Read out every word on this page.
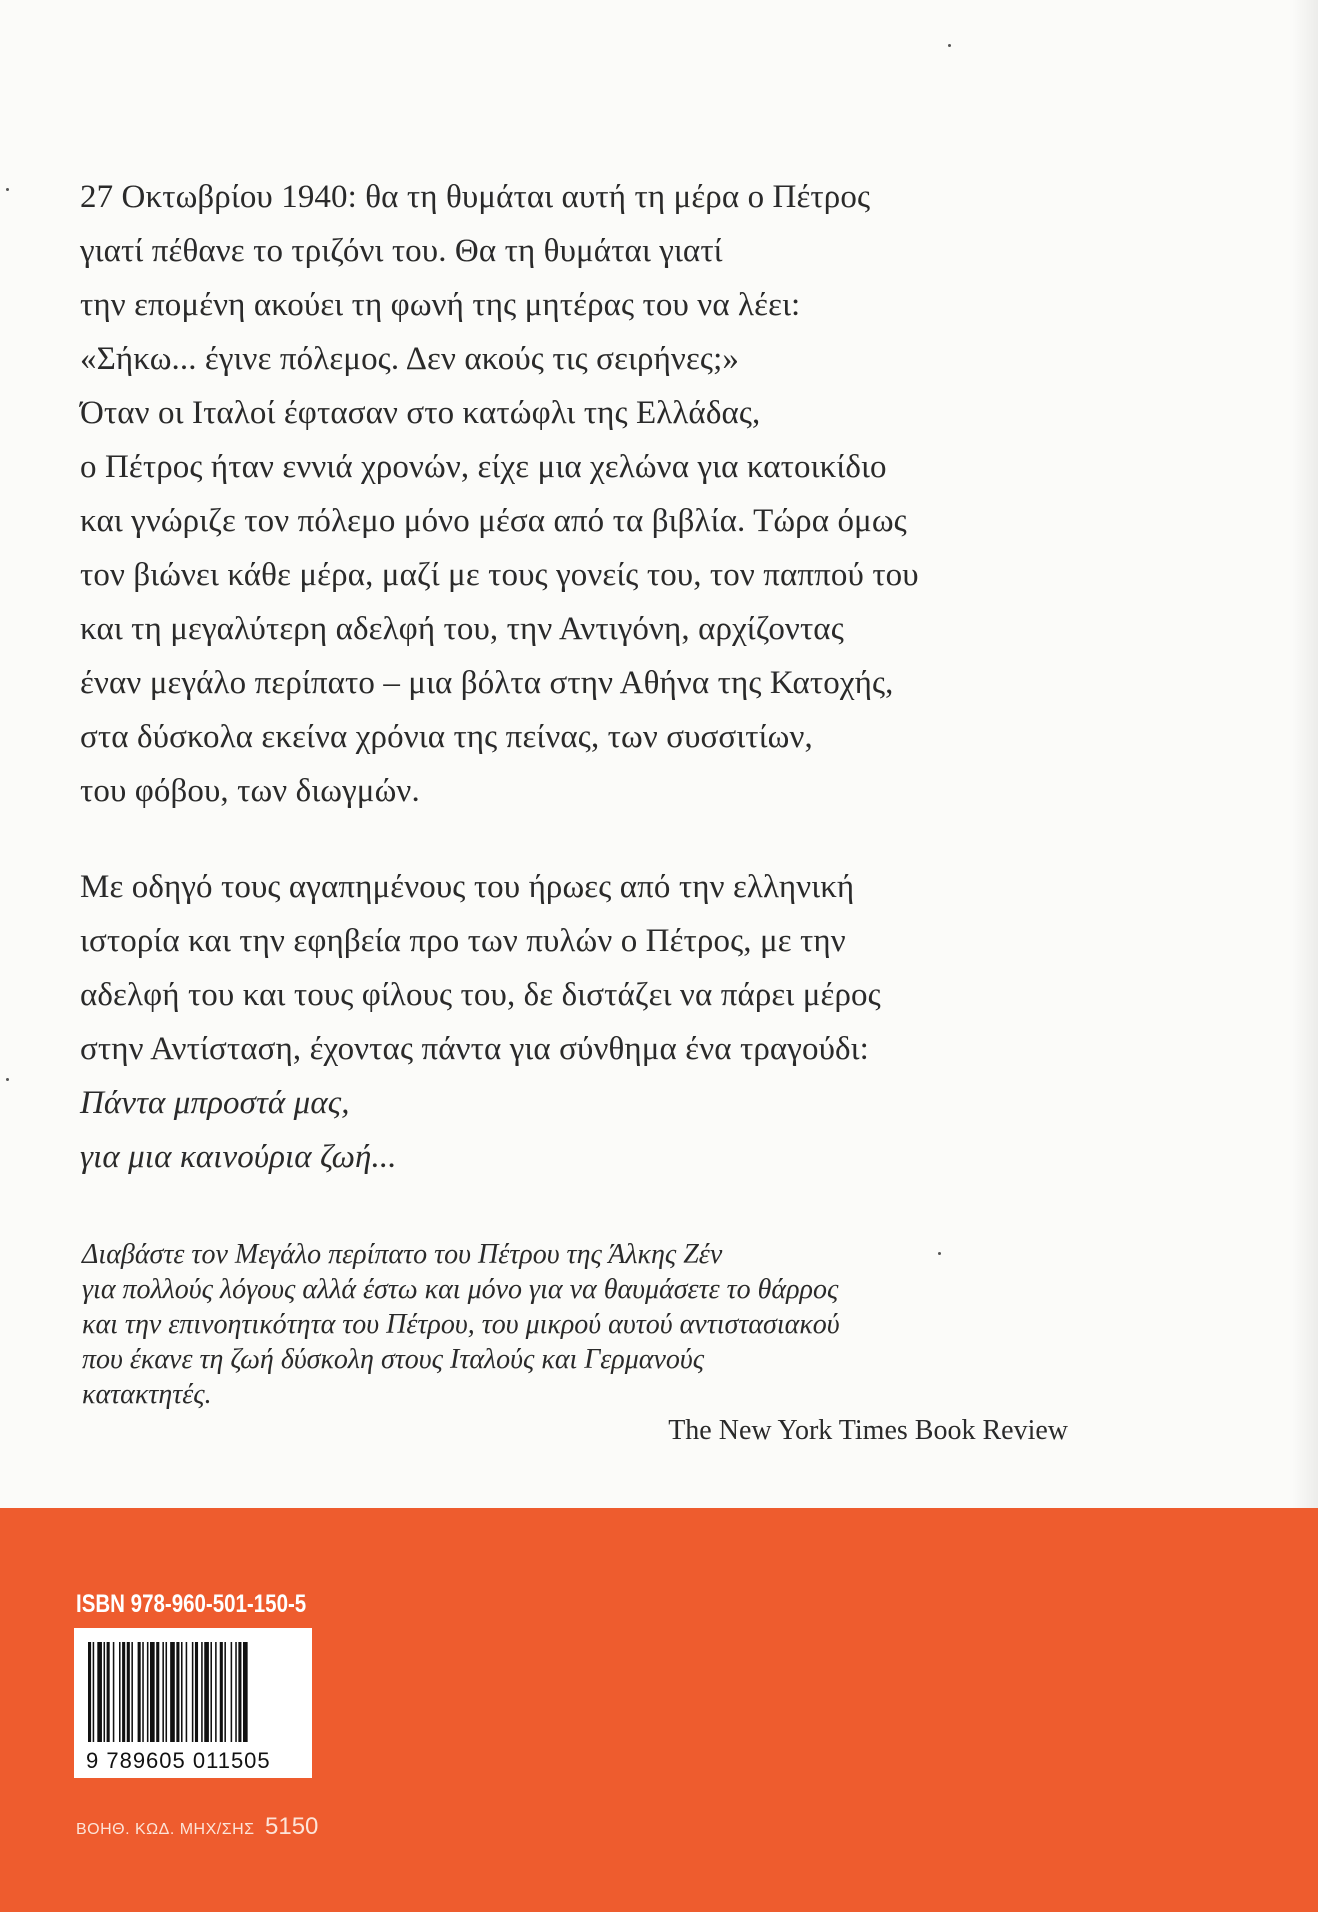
27 Οκτωβρίου 1940: θα τη θυμάται αυτή τη μέρα ο Πέτρος
γιατί πέθανε το τριζόνι του. Θα τη θυμάται γιατί
την επομένη ακούει τη φωνή της μητέρας του να λέει:
«Σήκω... έγινε πόλεμος. Δεν ακούς τις σειρήνες;»
Όταν οι Ιταλοί έφτασαν στο κατώφλι της Ελλάδας,
ο Πέτρος ήταν εννιά χρονών, είχε μια χελώνα για κατοικίδιο
και γνώριζε τον πόλεμο μόνο μέσα από τα βιβλία. Τώρα όμως
τον βιώνει κάθε μέρα, μαζί με τους γονείς του, τον παππού του
και τη μεγαλύτερη αδελφή του, την Αντιγόνη, αρχίζοντας
έναν μεγάλο περίπατο – μια βόλτα στην Αθήνα της Κατοχής,
στα δύσκολα εκείνα χρόνια της πείνας, των συσσιτίων,
του φόβου, των διωγμών.
Με οδηγό τους αγαπημένους του ήρωες από την ελληνική
ιστορία και την εφηβεία προ των πυλών ο Πέτρος, με την
αδελφή του και τους φίλους του, δε διστάζει να πάρει μέρος
στην Αντίσταση, έχοντας πάντα για σύνθημα ένα τραγούδι:
Πάντα μπροστά μας,
για μια καινούρια ζωή...
Διαβάστε τον Μεγάλο περίπατο του Πέτρου της Άλκης Ζέν
για πολλούς λόγους αλλά έστω και μόνο για να θαυμάσετε το θάρρος
και την επινοητικότητα του Πέτρου, του μικρού αυτού αντιστασιακού
που έκανε τη ζωή δύσκολη στους Ιταλούς και Γερμανούς
κατακτητές.
The New York Times Book Review
ISBN 978-960-501-150-5
9 789605 011505
ΒΟΗΘ. ΚΩΔ. ΜΗΧ/ΣΗΣ 5150
